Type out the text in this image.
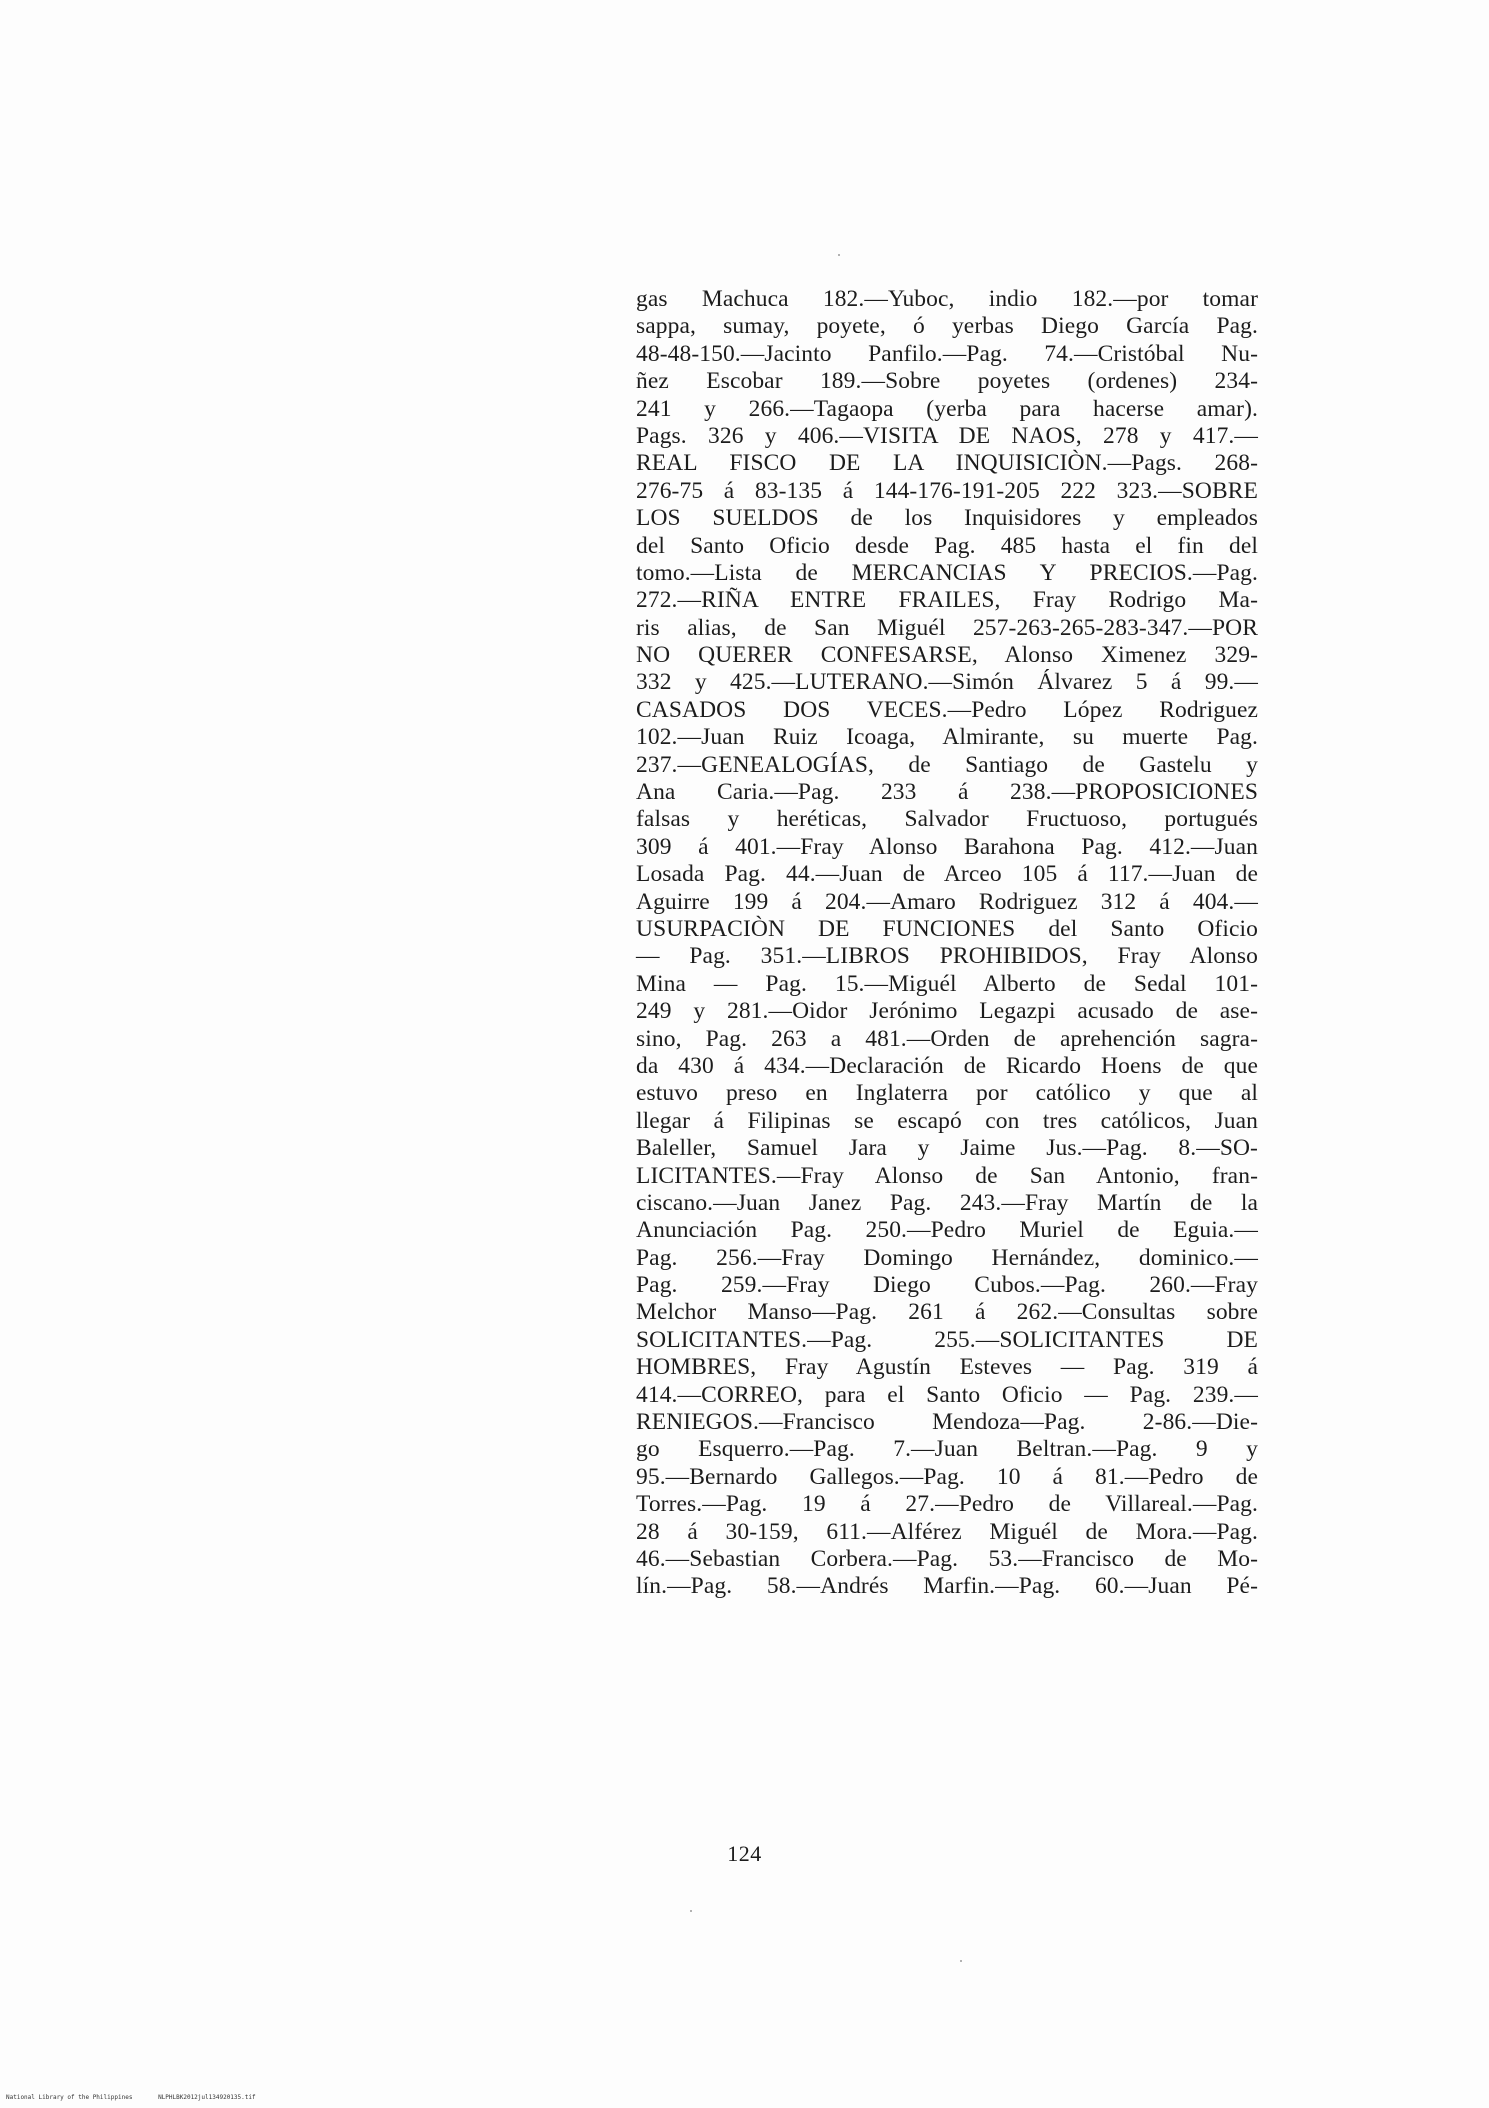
gas Machuca 182.—Yuboc, indio 182.—por tomar
sappa, sumay, poyete, ó yerbas Diego García Pag.
48-48-150.—Jacinto Panfilo.—Pag. 74.—Cristóbal Nu-
ñez Escobar 189.—Sobre poyetes (ordenes) 234-
241 y 266.—Tagaopa (yerba para hacerse amar).
Pags. 326 y 406.—VISITA DE NAOS, 278 y 417.—
REAL FISCO DE LA INQUISICIÒN.—Pags. 268-
276-75 á 83-135 á 144-176-191-205 222 323.—SOBRE
LOS SUELDOS de los Inquisidores y empleados
del Santo Oficio desde Pag. 485 hasta el fin del
tomo.—Lista de MERCANCIAS Y PRECIOS.—Pag.
272.—RIÑA ENTRE FRAILES, Fray Rodrigo Ma-
ris alias, de San Miguél 257-263-265-283-347.—POR
NO QUERER CONFESARSE, Alonso Ximenez 329-
332 y 425.—LUTERANO.—Simón Álvarez 5 á 99.—
CASADOS DOS VECES.—Pedro López Rodriguez
102.—Juan Ruiz Icoaga, Almirante, su muerte Pag.
237.—GENEALOGÍAS, de Santiago de Gastelu y
Ana Caria.—Pag. 233 á 238.—PROPOSICIONES
falsas y heréticas, Salvador Fructuoso, portugués
309 á 401.—Fray Alonso Barahona Pag. 412.—Juan
Losada Pag. 44.—Juan de Arceo 105 á 117.—Juan de
Aguirre 199 á 204.—Amaro Rodriguez 312 á 404.—
USURPACIÒN DE FUNCIONES del Santo Oficio
— Pag. 351.—LIBROS PROHIBIDOS, Fray Alonso
Mina — Pag. 15.—Miguél Alberto de Sedal 101-
249 y 281.—Oidor Jerónimo Legazpi acusado de ase-
sino, Pag. 263 a 481.—Orden de aprehención sagra-
da 430 á 434.—Declaración de Ricardo Hoens de que
estuvo preso en Inglaterra por católico y que al
llegar á Filipinas se escapó con tres católicos, Juan
Baleller, Samuel Jara y Jaime Jus.—Pag. 8.—SO-
LICITANTES.—Fray Alonso de San Antonio, fran-
ciscano.—Juan Janez Pag. 243.—Fray Martín de la
Anunciación Pag. 250.—Pedro Muriel de Eguia.—
Pag. 256.—Fray Domingo Hernández, dominico.—
Pag. 259.—Fray Diego Cubos.—Pag. 260.—Fray
Melchor Manso—Pag. 261 á 262.—Consultas sobre
SOLICITANTES.—Pag. 255.—SOLICITANTES DE
HOMBRES, Fray Agustín Esteves — Pag. 319 á
414.—CORREO, para el Santo Oficio — Pag. 239.—
RENIEGOS.—Francisco Mendoza—Pag. 2-86.—Die-
go Esquerro.—Pag. 7.—Juan Beltran.—Pag. 9 y
95.—Bernardo Gallegos.—Pag. 10 á 81.—Pedro de
Torres.—Pag. 19 á 27.—Pedro de Villareal.—Pag.
28 á 30-159, 611.—Alférez Miguél de Mora.—Pag.
46.—Sebastian Corbera.—Pag. 53.—Francisco de Mo-
lín.—Pag. 58.—Andrés Marfin.—Pag. 60.—Juan Pé-
124
National Library of the Philippines	NLPHLBK2012jul134920135.tif
